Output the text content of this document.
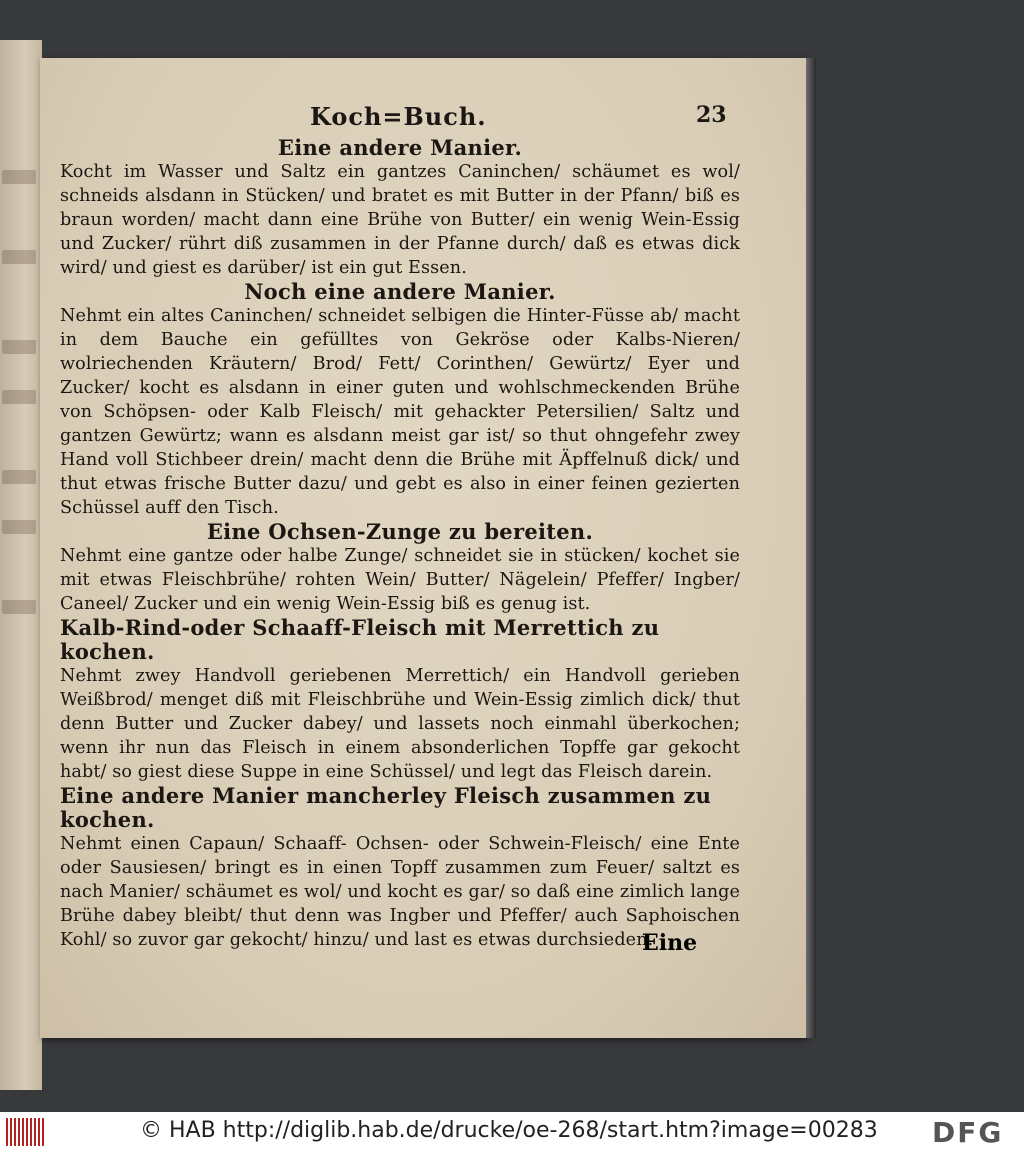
Koch=Buch.	23
Eine andere Manier.
Kocht im Wasser und Saltz ein gantzes Caninchen/ schäumet es wol/ schneids alsdann in Stücken/ und bratet es mit Butter in der Pfann/ biß es braun worden/ macht dann eine Brühe von Butter/ ein wenig Wein-Essig und Zucker/ rührt diß zusammen in der Pfanne durch/ daß es etwas dick wird/ und giest es darüber/ ist ein gut Essen.
Noch eine andere Manier.
Nehmt ein altes Caninchen/ schneidet selbigen die Hinter-Füsse ab/ macht in dem Bauche ein gefülltes von Gekröse oder Kalbs-Nieren/ wolriechenden Kräutern/ Brod/ Fett/ Corinthen/ Gewürtz/ Eyer und Zucker/ kocht es alsdann in einer guten und wohlschmeckenden Brühe von Schöpsen- oder Kalb Fleisch/ mit gehackter Petersilien/ Saltz und gantzen Gewürtz; wann es alsdann meist gar ist/ so thut ohngefehr zwey Hand voll Stichbeer drein/ macht denn die Brühe mit Äpffelnuß dick/ und thut etwas frische Butter dazu/ und gebt es also in einer feinen gezierten Schüssel auff den Tisch.
Eine Ochsen-Zunge zu bereiten.
Nehmt eine gantze oder halbe Zunge/ schneidet sie in stücken/ kochet sie mit etwas Fleischbrühe/ rohten Wein/ Butter/ Nägelein/ Pfeffer/ Ingber/ Caneel/ Zucker und ein wenig Wein-Essig biß es genug ist.
Kalb-Rind-oder Schaaff-Fleisch mit Merrettich zu kochen.
Nehmt zwey Handvoll geriebenen Merrettich/ ein Handvoll gerieben Weißbrod/ menget diß mit Fleischbrühe und Wein-Essig zimlich dick/ thut denn Butter und Zucker dabey/ und lassets noch einmahl überkochen; wenn ihr nun das Fleisch in einem absonderlichen Topffe gar gekocht habt/ so giest diese Suppe in eine Schüssel/ und legt das Fleisch darein.
Eine andere Manier mancherley Fleisch zusammen zu kochen.
Nehmt einen Capaun/ Schaaff- Ochsen- oder Schwein-Fleisch/ eine Ente oder Sausiesen/ bringt es in einen Topff zusammen zum Feuer/ saltzt es nach Manier/ schäumet es wol/ und kocht es gar/ so daß eine zimlich lange Brühe dabey bleibt/ thut denn was Ingber und Pfeffer/ auch Saphoischen Kohl/ so zuvor gar gekocht/ hinzu/ und last es etwas durchsieden.
Eine
© HAB http://diglib.hab.de/drucke/oe-268/start.htm?image=00283 DFG
